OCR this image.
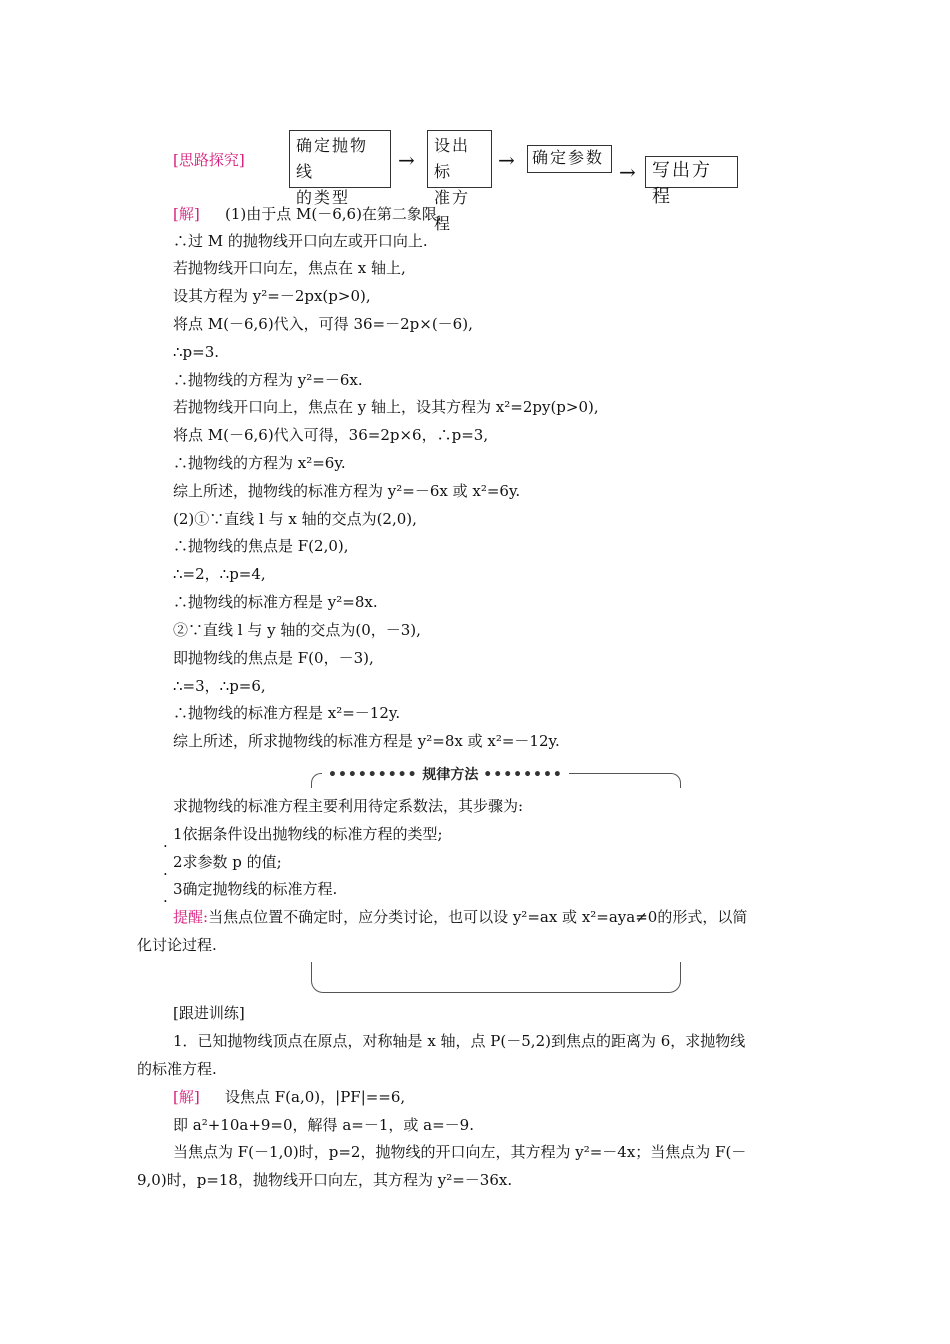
[思路探究]
确定抛物线
的类型
→
设出标
准方程
→	确定参数
→ 写出方程
[解] (1)由于点 M(－6,6)在第二象限,
∴过 M 的抛物线开口向左或开口向上.
若抛物线开口向左，焦点在 x 轴上,
设其方程为 y²=－2px(p>0),
将点 M(－6,6)代入，可得 36=－2p×(－6),
∴p=3.
∴抛物线的方程为 y²=－6x.
若抛物线开口向上，焦点在 y 轴上，设其方程为 x²=2py(p>0),
将点 M(－6,6)代入可得，36=2p×6，∴p=3,
∴抛物线的方程为 x²=6y.
综上所述，抛物线的标准方程为 y²=－6x 或 x²=6y.
(2)①∵直线 l 与 x 轴的交点为(2,0),
∴抛物线的焦点是 F(2,0),
∴=2，∴p=4,
∴抛物线的标准方程是 y²=8x.
②∵直线 l 与 y 轴的交点为(0，－3),
即抛物线的焦点是 F(0，－3),
∴=3，∴p=6,
∴抛物线的标准方程是 x²=－12y.
综上所述，所求抛物线的标准方程是 y²=8x 或 x²=－12y.
••••••••• 规律方法 ••••••••
求抛物线的标准方程主要利用待定系数法，其步骤为:
. 1依据条件设出抛物线的标准方程的类型;
. 2求参数 p 的值;
. 3确定抛物线的标准方程.
提醒:当焦点位置不确定时，应分类讨论，也可以设 y²=ax 或 x²=aya≠0的形式，以简
化讨论过程.
[跟进训练]
1．已知抛物线顶点在原点，对称轴是 x 轴，点 P(－5,2)到焦点的距离为 6，求抛物线
的标准方程.
[解] 设焦点 F(a,0)，|PF|==6,
即 a²+10a+9=0，解得 a=－1，或 a=－9.
当焦点为 F(－1,0)时，p=2，抛物线的开口向左，其方程为 y²=－4x；当焦点为 F(－
9,0)时，p=18，抛物线开口向左，其方程为 y²=－36x.
